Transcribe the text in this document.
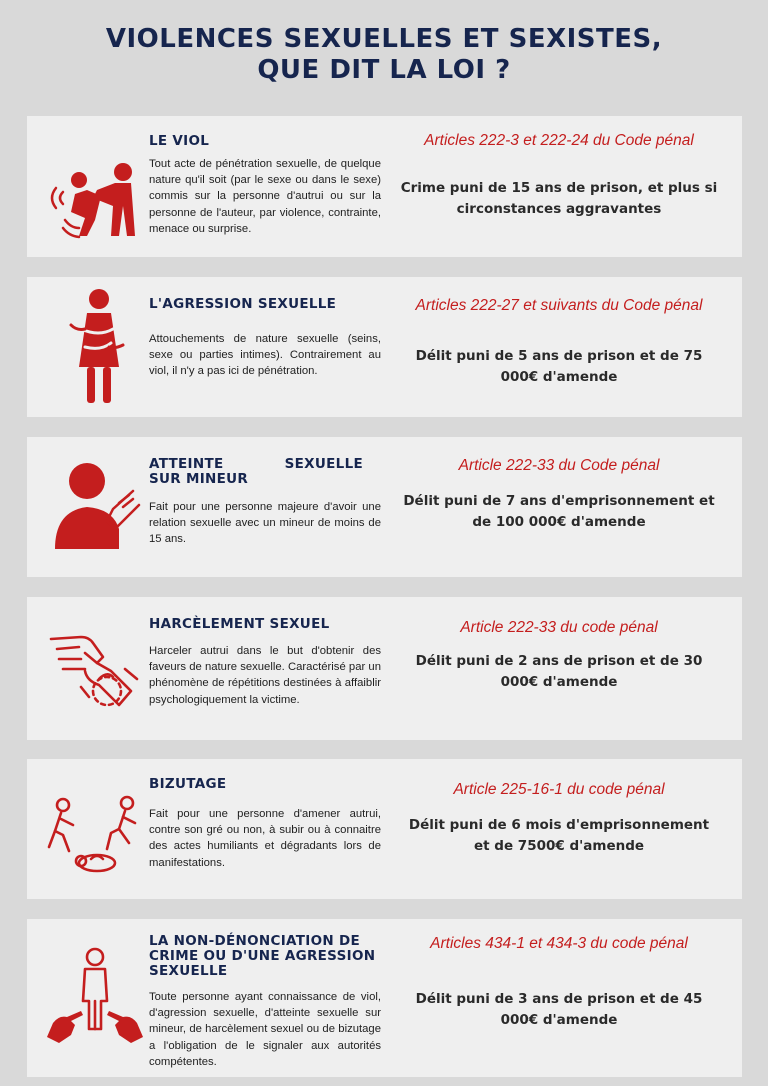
VIOLENCES SEXUELLES ET SEXISTES,
QUE DIT LA LOI ?
LE VIOL
Tout acte de pénétration sexuelle, de quelque nature qu'il soit (par le sexe ou dans le sexe) commis sur la personne d'autrui ou sur la personne de l'auteur, par violence, contrainte, menace ou surprise.
Articles 222-3 et 222-24 du Code pénal
Crime puni de 15 ans de prison, et plus si circonstances aggravantes
L'AGRESSION SEXUELLE
Attouchements de nature sexuelle (seins, sexe ou parties intimes). Contrairement au viol, il n'y a pas ici de pénétration.
Articles 222-27 et suivants du Code pénal
Délit puni de 5 ans de prison et de 75 000€ d'amende
ATTEINTE	SEXUELLE
SUR MINEUR
Fait pour une personne majeure d'avoir une relation sexuelle avec un mineur de moins de 15 ans.
Article 222-33 du Code pénal
Délit puni de 7 ans d'emprisonnement et de 100 000€ d'amende
HARCÈLEMENT SEXUEL
Harceler autrui dans le but d'obtenir des faveurs de nature sexuelle. Caractérisé par un phénomène de répétitions destinées à affaiblir psychologiquement la victime.
Article 222-33 du code pénal
Délit puni de 2 ans de prison et de 30 000€ d'amende
BIZUTAGE
Fait pour une personne d'amener autrui, contre son gré ou non, à subir ou à connaitre des actes humiliants et dégradants lors de manifestations.
Article 225-16-1 du code pénal
Délit puni de 6 mois d'emprisonnement et de 7500€ d'amende
LA NON-DÉNONCIATION DE CRIME OU D'UNE AGRESSION SEXUELLE
Toute personne ayant connaissance de viol, d'agression sexuelle, d'atteinte sexuelle sur mineur, de harcèlement sexuel ou de bizutage a l'obligation de le signaler aux autorités compétentes.
Articles 434-1 et 434-3 du code pénal
Délit puni de 3 ans de prison et de 45 000€ d'amende
